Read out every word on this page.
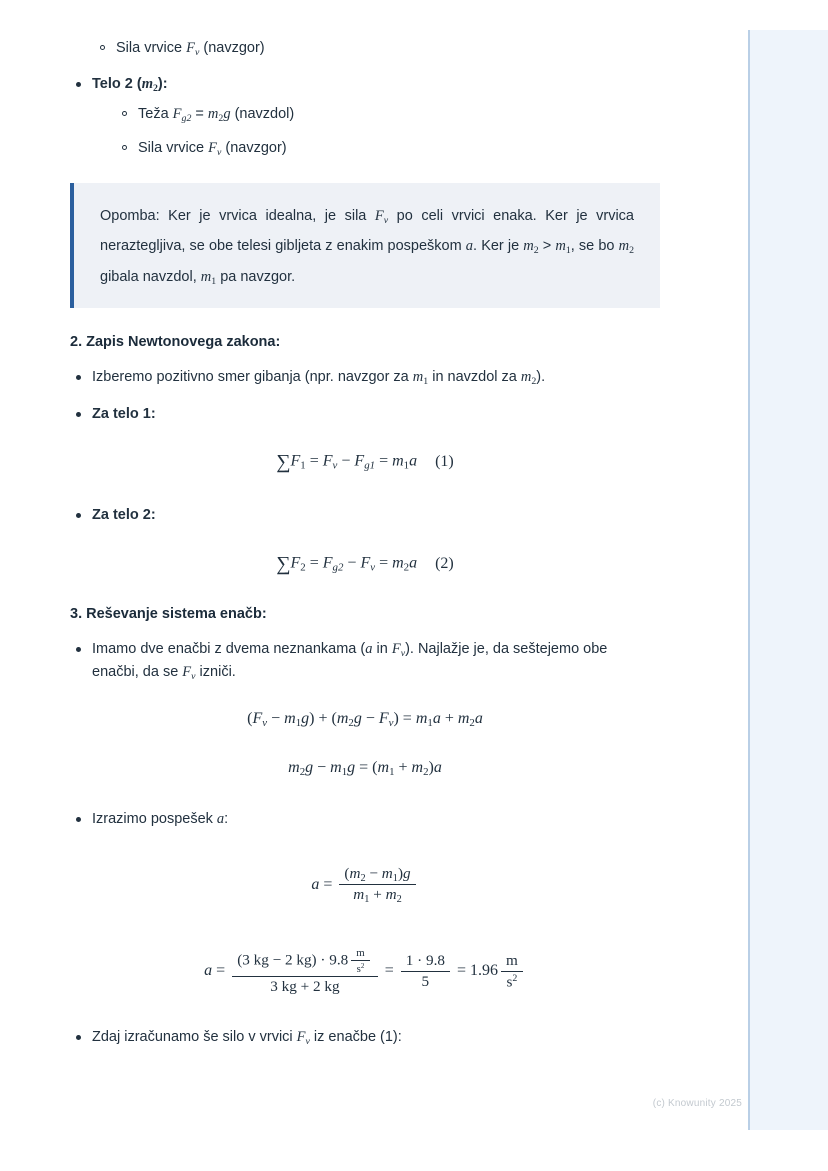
Sila vrvice $F_v$ (navzgor)
Telo 2 $(m_2)$:
Teža $F_{g2} = m_2g$ (navzdol)
Sila vrvice $F_v$ (navzgor)
Opomba: Ker je vrvica idealna, je sila $F_v$ po celi vrvici enaka. Ker je vrvica neraztegljiva, se obe telesi gibljeta z enakim pospeškom a. Ker je $m_2 > m_1$, se bo $m_2$ gibala navzdol, $m_1$ pa navzgor.
2. Zapis Newtonovega zakona:
Izberemo pozitivno smer gibanja (npr. navzgor za $m_1$ in navzdol za $m_2$).
Za telo 1:
$\sum F_1 = F_v - F_{g1} = m_1a$ (1)
Za telo 2:
$\sum F_2 = F_{g2} - F_v = m_2a$ (2)
3. Reševanje sistema enačb:
Imamo dve enačbi z dvema neznankama (a in $F_v$). Najlažje je, da seštejemo obe enačbi, da se $F_v$ izniči.
$(F_v - m_1g) + (m_2g - F_v) = m_1a + m_2a$
$m_2g - m_1g = (m_1 + m_2)a$
Izrazimo pospešek a:
$a = \frac{(m_2 - m_1)g}{m_1 + m_2}$
$a = \frac{(3 kg - 2 kg) \cdot 9.8 \frac{m}{s^2}}{3 kg + 2 kg} = \frac{1 \cdot 9.8}{5} = 1.96 \frac{m}{s^2}$
Zdaj izračunamo še silo v vrvici $F_v$ iz enačbe (1):
(c) Knowunity 2025
